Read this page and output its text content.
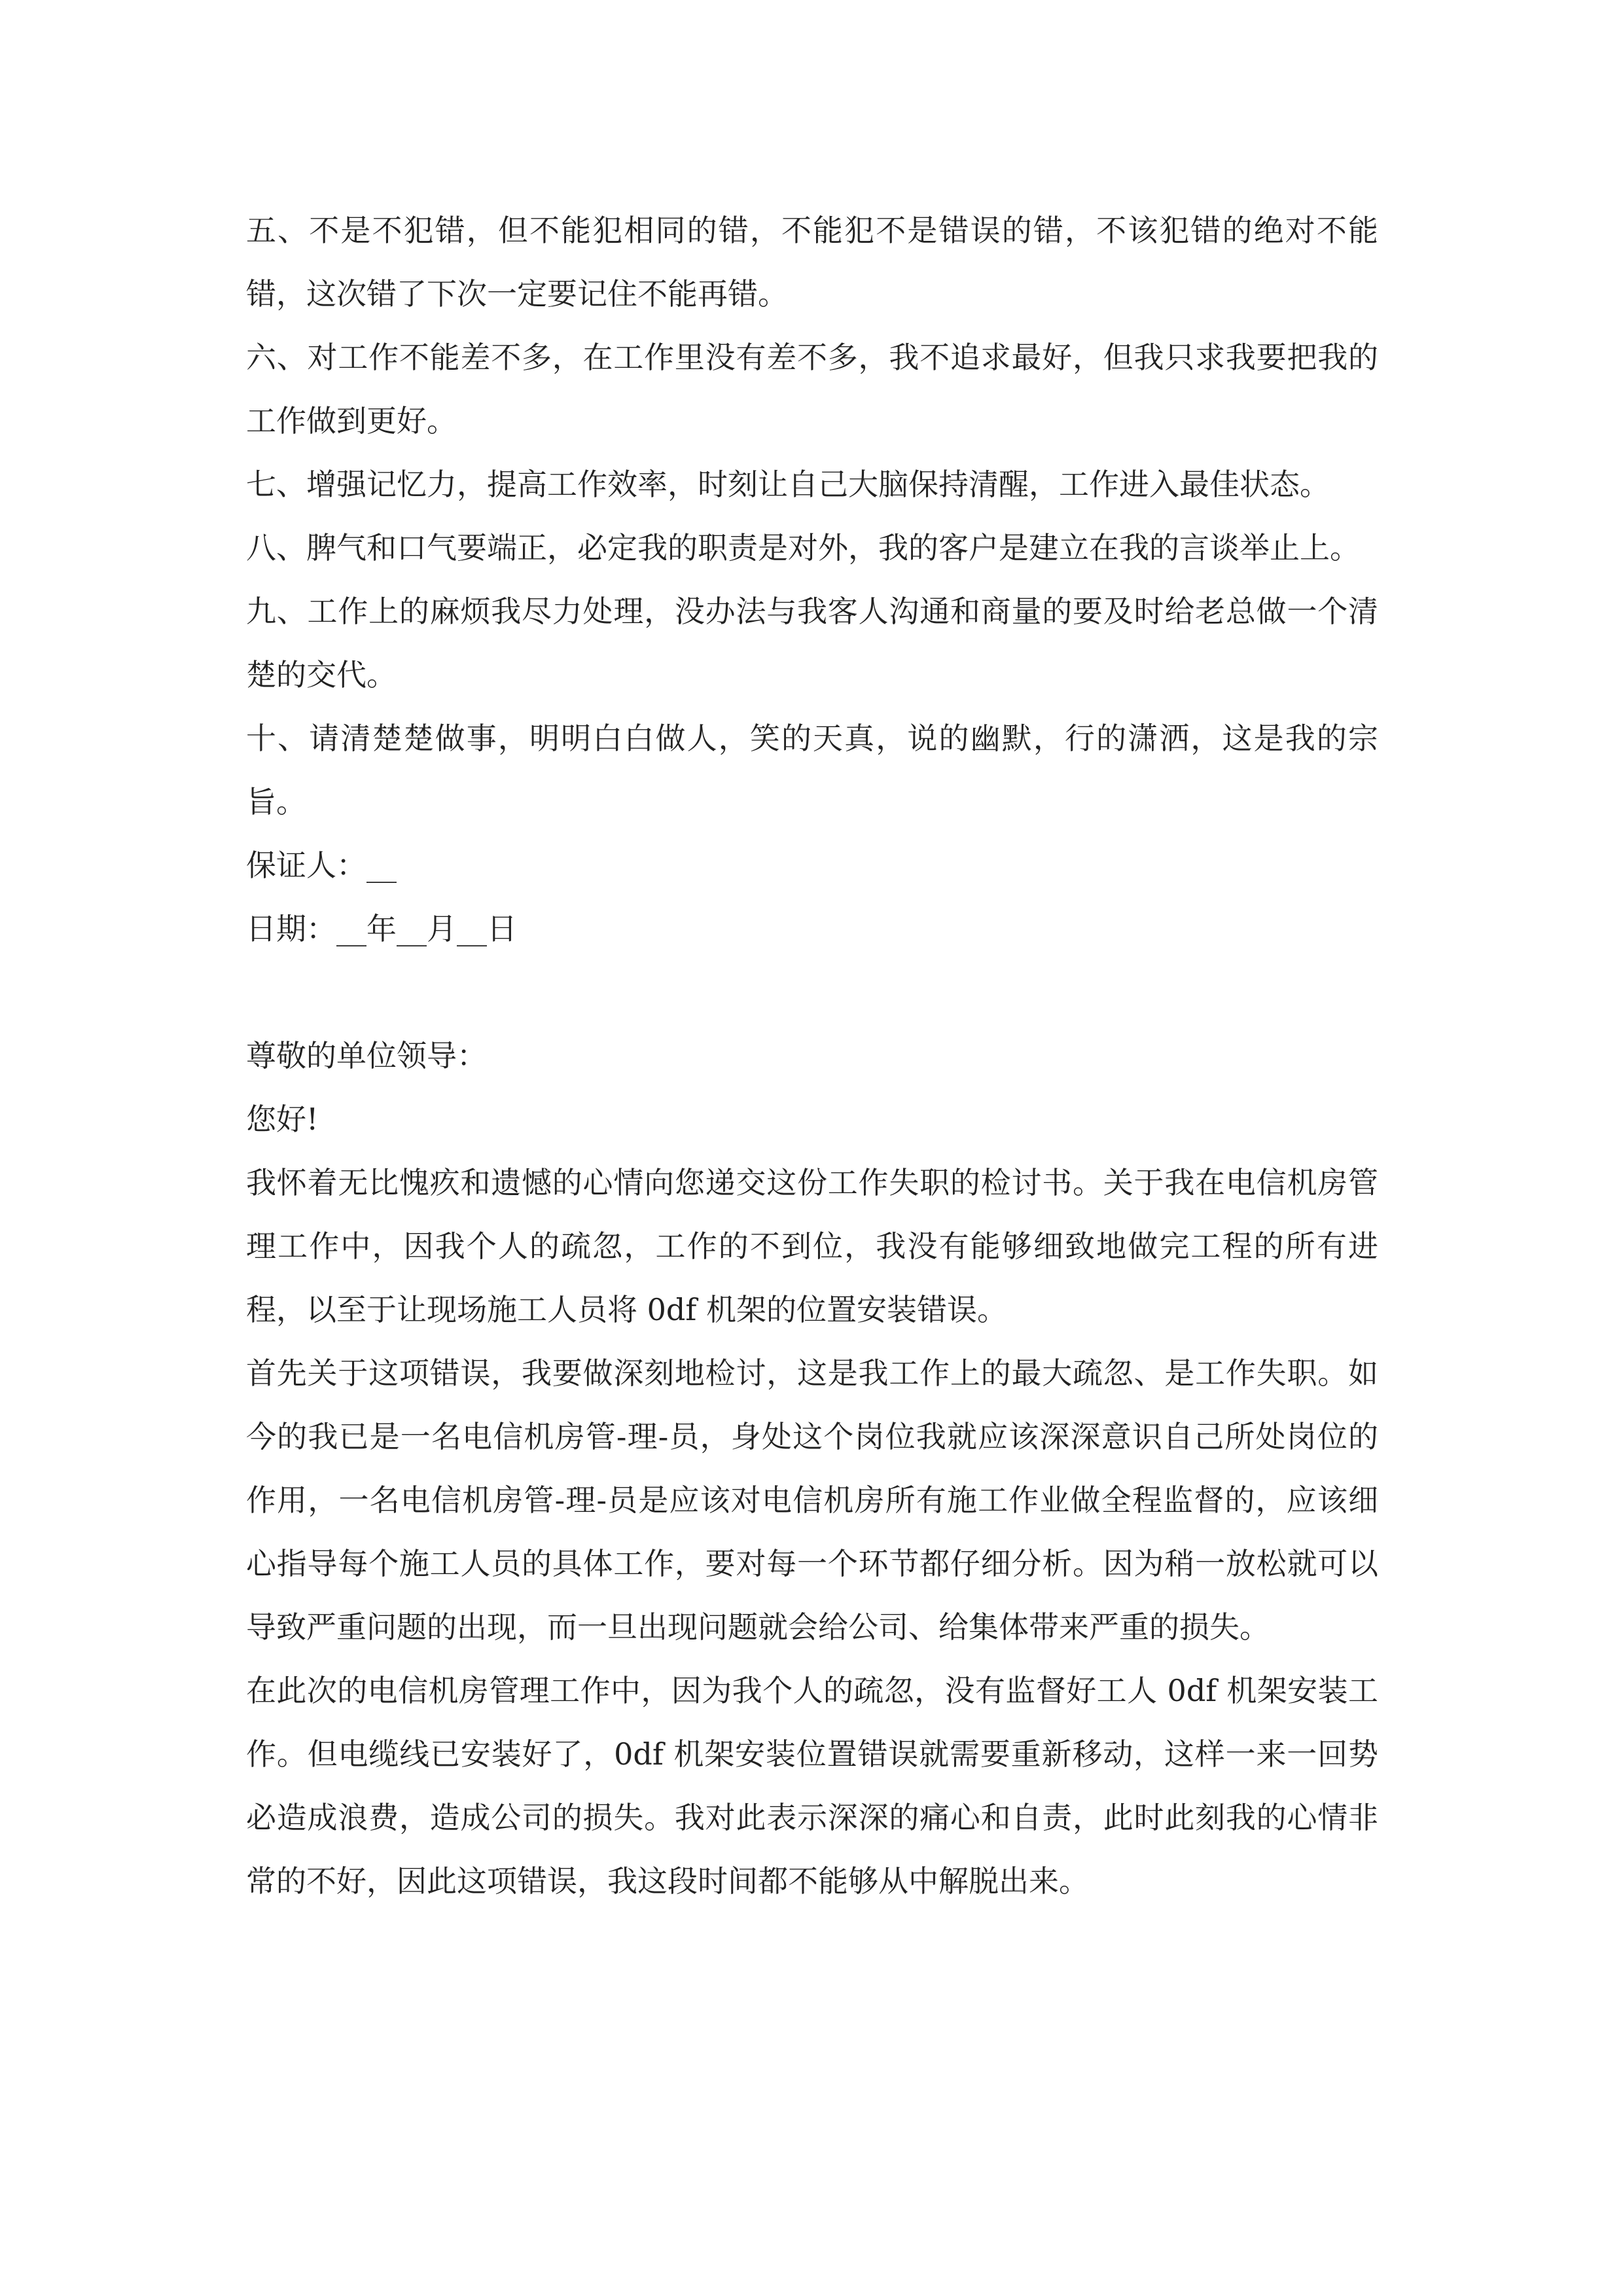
五、不是不犯错，但不能犯相同的错，不能犯不是错误的错，不该犯错的绝对不能错，这次错了下次一定要记住不能再错。

六、对工作不能差不多，在工作里没有差不多，我不追求最好，但我只求我要把我的工作做到更好。

七、增强记忆力，提高工作效率，时刻让自己大脑保持清醒，工作进入最佳状态。

八、脾气和口气要端正，必定我的职责是对外，我的客户是建立在我的言谈举止上。

九、工作上的麻烦我尽力处理，没办法与我客人沟通和商量的要及时给老总做一个清楚的交代。

十、请清楚楚做事，明明白白做人，笑的天真，说的幽默，行的潇洒，这是我的宗旨。

保证人：__

日期：__年__月__日

尊敬的单位领导：

您好!

我怀着无比愧疚和遗憾的心情向您递交这份工作失职的检讨书。关于我在电信机房管理工作中，因我个人的疏忽，工作的不到位，我没有能够细致地做完工程的所有进程，以至于让现场施工人员将 0df 机架的位置安装错误。

首先关于这项错误，我要做深刻地检讨，这是我工作上的最大疏忽、是工作失职。如今的我已是一名电信机房管-理-员，身处这个岗位我就应该深深意识自己所处岗位的作用，一名电信机房管-理-员是应该对电信机房所有施工作业做全程监督的，应该细心指导每个施工人员的具体工作，要对每一个环节都仔细分析。因为稍一放松就可以导致严重问题的出现，而一旦出现问题就会给公司、给集体带来严重的损失。

在此次的电信机房管理工作中，因为我个人的疏忽，没有监督好工人 0df 机架安装工作。但电缆线已安装好了，0df 机架安装位置错误就需要重新移动，这样一来一回势必造成浪费，造成公司的损失。我对此表示深深的痛心和自责，此时此刻我的心情非常的不好，因此这项错误，我这段时间都不能够从中解脱出来。
